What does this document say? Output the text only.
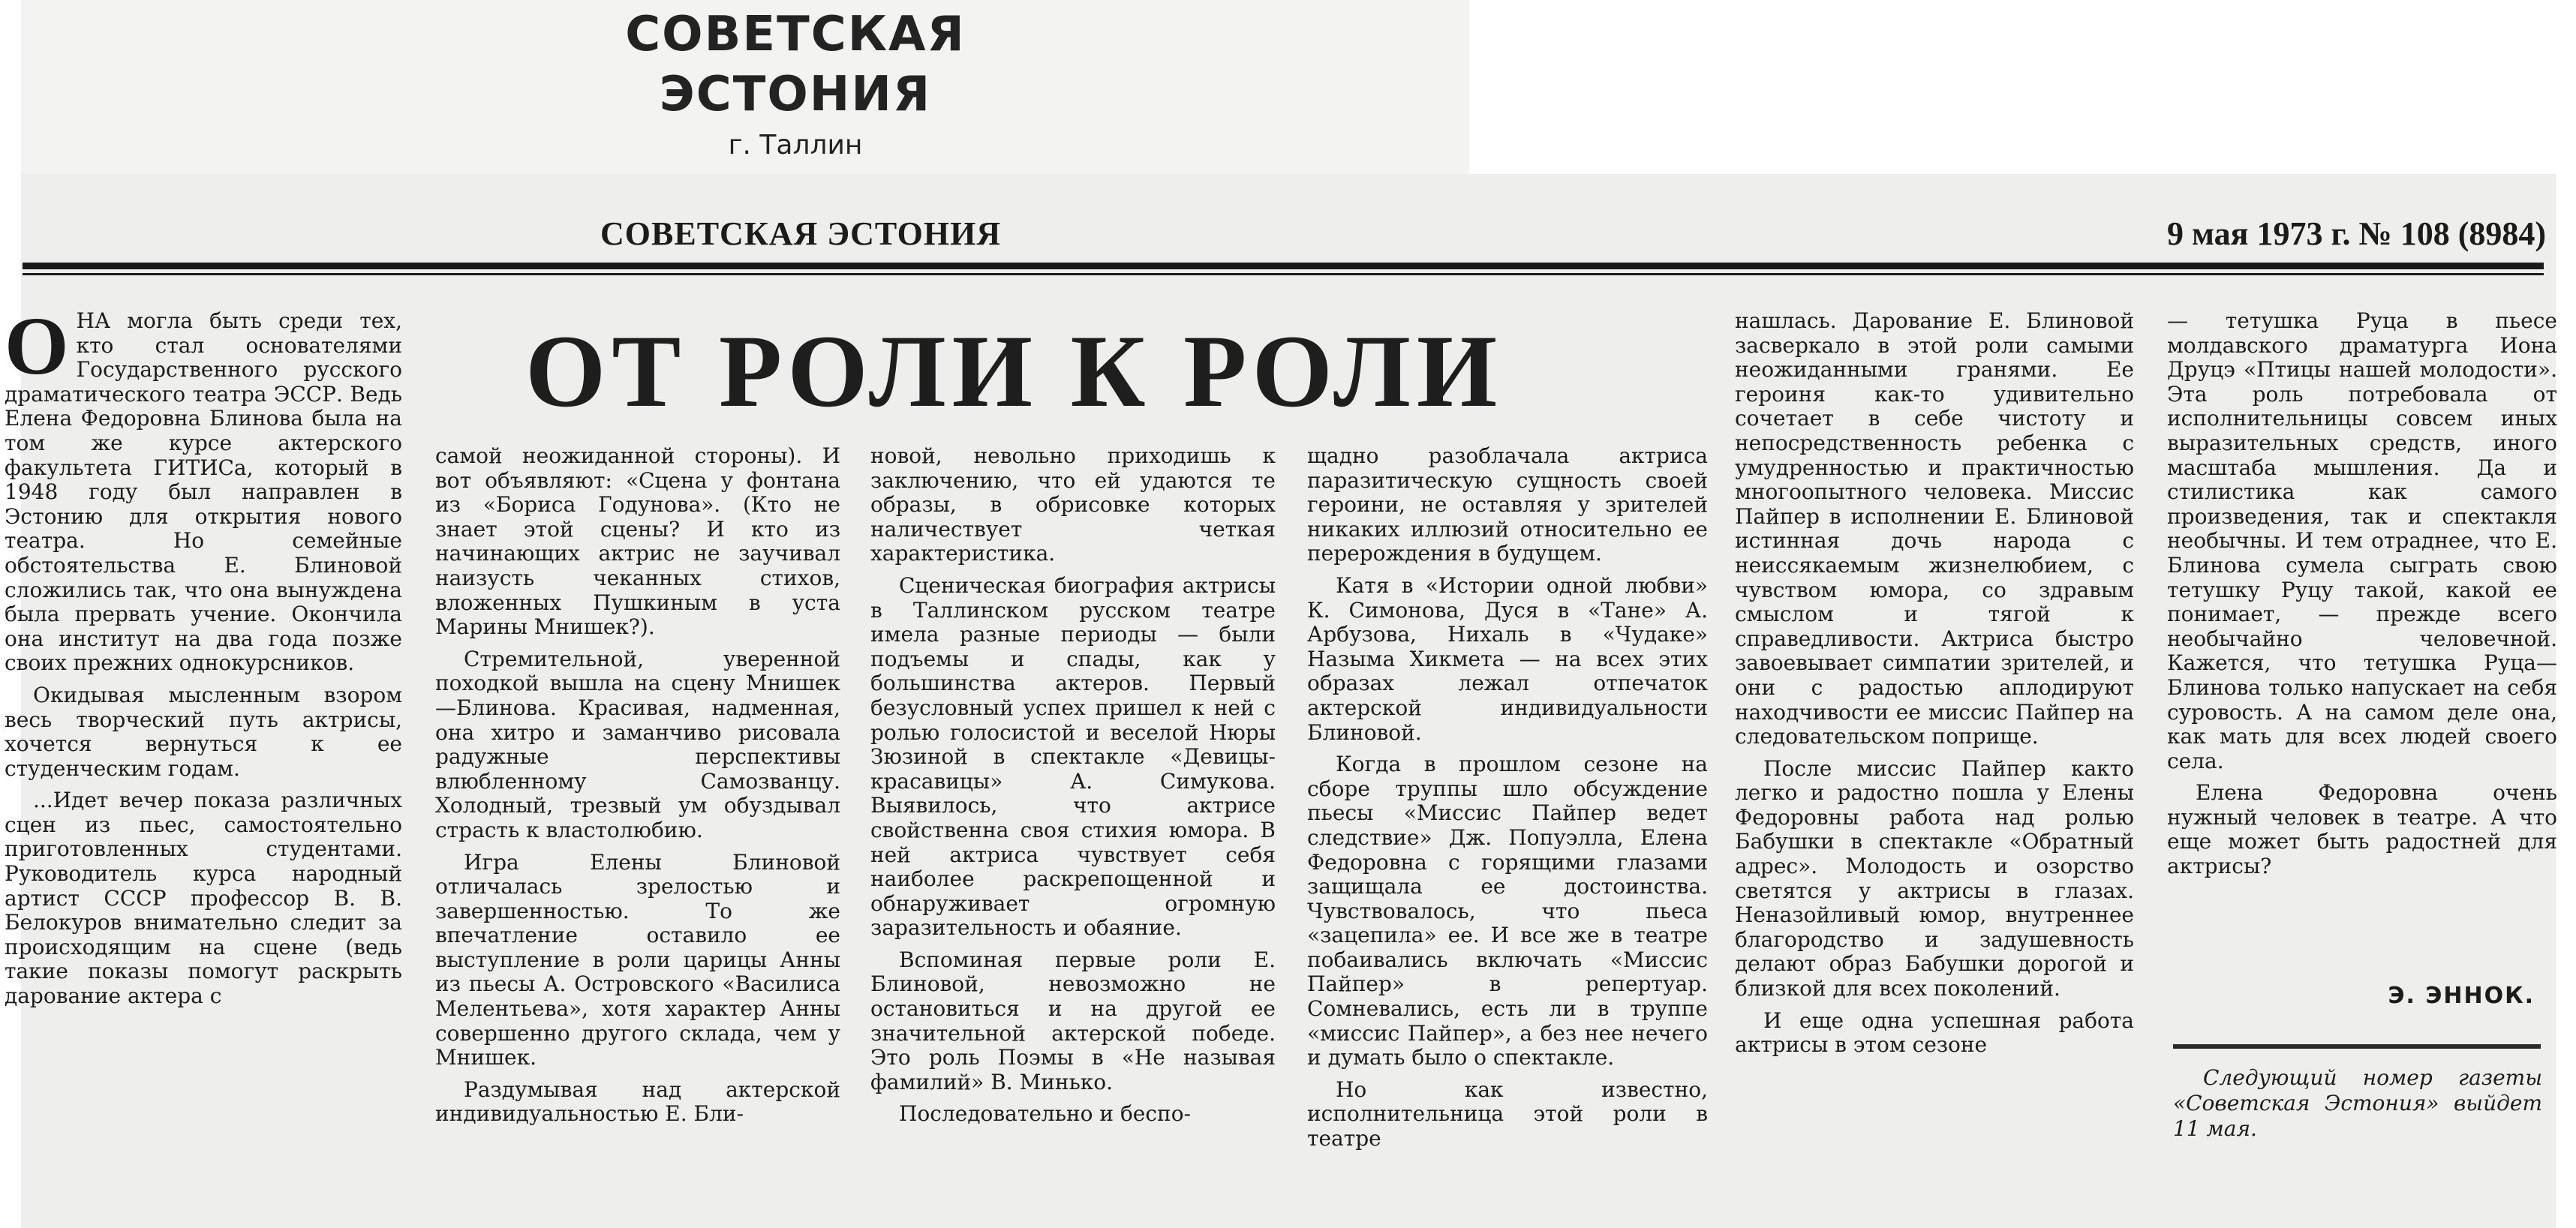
СОВЕТСКАЯ ЭСТОНИЯ
г. Таллин
СОВЕТСКАЯ ЭСТОНИЯ	9 мая 1973 г. № 108 (8984)
ОТ РОЛИ К РОЛИ

ОНА могла быть среди тех, кто стал основателями Государственного русского драматического театра ЭССР. Ведь Елена Федоровна Блинова была на том же курсе актерского факультета ГИТИСа, который в 1948 году был направлен в Эстонию для открытия нового театра. Но семейные обстоятельства Е. Блиновой сложились так, что она вынуждена была прервать учение. Окончила она институт на два года позже своих прежних однокурсников.

Окидывая мысленным взором весь творческий путь актрисы, хочется вернуться к ее студенческим годам.

...Идет вечер показа различных сцен из пьес, самостоятельно приготовленных студентами. Руководитель курса народный артист СССР профессор В. В. Белокуров внимательно следит за происходящим на сцене (ведь такие показы помогут раскрыть дарование актера с

самой неожиданной стороны). И вот объявляют: «Сцена у фонтана из «Бориса Годунова». (Кто не знает этой сцены? И кто из начинающих актрис не заучивал наизусть чеканных стихов, вложенных Пушкиным в уста Марины Мнишек?).

Стремительной, уверенной походкой вышла на сцену Мнишек—Блинова. Красивая, надменная, она хитро и заманчиво рисовала радужные перспективы влюбленному Самозванцу. Холодный, трезвый ум обуздывал страсть к властолюбию.

Игра Елены Блиновой отличалась зрелостью и завершенностью. То же впечатление оставило ее выступление в роли царицы Анны из пьесы А. Островского «Василиса Мелентьева», хотя характер Анны совершенно другого склада, чем у Мнишек.

Раздумывая над актерской индивидуальностью Е. Бли-

новой, невольно приходишь к заключению, что ей удаются те образы, в обрисовке которых наличествует четкая характеристика.

Сценическая биография актрисы в Таллинском русском театре имела разные периоды — были подъемы и спады, как у большинства актеров. Первый безусловный успех пришел к ней с ролью голосистой и веселой Нюры Зюзиной в спектакле «Девицы-красавицы» А. Симукова. Выявилось, что актрисе свойственна своя стихия юмора. В ней актриса чувствует себя наиболее раскрепощенной и обнаруживает огромную заразительность и обаяние.

Вспоминая первые роли Е. Блиновой, невозможно не остановиться и на другой ее значительной актерской победе. Это роль Поэмы в «Не называя фамилий» В. Минько.

Последовательно и беспо-

щадно разоблачала актриса паразитическую сущность своей героини, не оставляя у зрителей никаких иллюзий относительно ее перерождения в будущем.

Катя в «Истории одной любви» К. Симонова, Дуся в «Тане» А. Арбузова, Нихаль в «Чудаке» Назыма Хикмета — на всех этих образах лежал отпечаток актерской индивидуальности Блиновой.

Когда в прошлом сезоне на сборе труппы шло обсуждение пьесы «Миссис Пайпер ведет следствие» Дж. Попуэлла, Елена Федоровна с горящими глазами защищала ее достоинства. Чувствовалось, что пьеса «зацепила» ее. И все же в театре побаивались включать «Миссис Пайпер» в репертуар. Сомневались, есть ли в труппе «миссис Пайпер», а без нее нечего и думать было о спектакле.

Но как известно, исполнительница этой роли в театре

нашлась. Дарование Е. Блиновой засверкало в этой роли самыми неожиданными гранями. Ее героиня как-то удивительно сочетает в себе чистоту и непосредственность ребенка с умудренностью и практичностью многоопытного человека. Миссис Пайпер в исполнении Е. Блиновой истинная дочь народа с неиссякаемым жизнелюбием, с чувством юмора, со здравым смыслом и тягой к справедливости. Актриса быстро завоевывает симпатии зрителей, и они с радостью аплодируют находчивости ее миссис Пайпер на следовательском поприще.

После миссис Пайпер както легко и радостно пошла у Елены Федоровны работа над ролью Бабушки в спектакле «Обратный адрес». Молодость и озорство светятся у актрисы в глазах. Неназойливый юмор, внутреннее благородство и задушевность делают образ Бабушки дорогой и близкой для всех поколений.

И еще одна успешная работа актрисы в этом сезоне

— тетушка Руца в пьесе молдавского драматурга Иона Друцэ «Птицы нашей молодости». Эта роль потребовала от исполнительницы совсем иных выразительных средств, иного масштаба мышления. Да и стилистика как самого произведения, так и спектакля необычны. И тем отраднее, что Е. Блинова сумела сыграть свою тетушку Руцу такой, какой ее понимает, — прежде всего необычайно человечной. Кажется, что тетушка Руца—Блинова только напускает на себя суровость. А на самом деле она, как мать для всех людей своего села.

Елена Федоровна очень нужный человек в театре. А что еще может быть радостней для актрисы?

Э. ЭННОК.
Следующий номер газеты «Советская Эстония» выйдет 11 мая.
